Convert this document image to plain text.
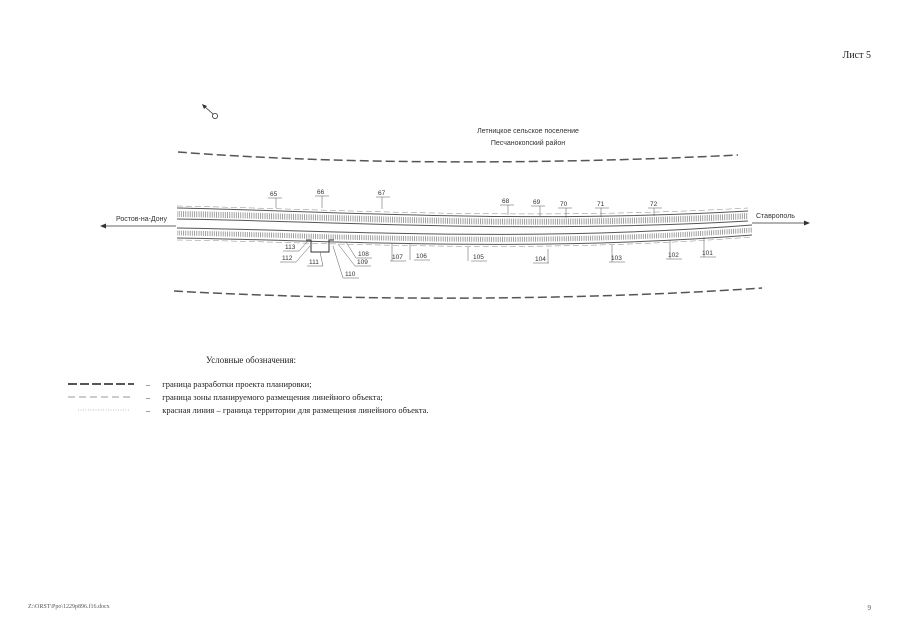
Лист 5
Летницкое сельское поселение
Песчанокопский район
Ростов-на-Дону	Ставрополь
65	66	67
68	69	70	71	72
101
102
103
104
105
106
107
108
109
110
111
112
113
Условные обозначения:
– граница разработки проекта планировки;
– граница зоны планируемого размещения линейного объекта;
– красная линия – граница территории для размещения линейного объекта.
Z:\ORST\Ppo\1229p896.f16.docx	9
